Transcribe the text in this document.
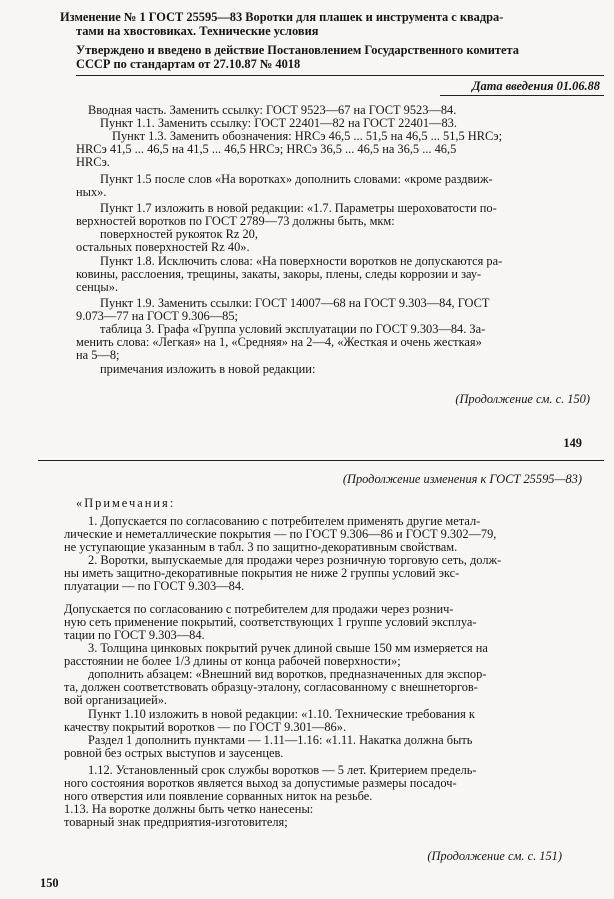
Изменение № 1 ГОСТ 25595—83 Воротки для плашек и инструмента с квадра-
тами на хвостовиках. Технические условия
Утверждено и введено в действие Постановлением Государственного комитета
СССР по стандартам от 27.10.87 № 4018
Дата введения 01.06.88
Вводная часть. Заменить ссылку: ГОСТ 9523—67 на ГОСТ 9523—84.
Пункт 1.1. Заменить ссылку: ГОСТ 22401—82 на ГОСТ 22401—83.
Пункт 1.3. Заменить обозначения: HRCэ 46,5 ... 51,5 на 46,5 ... 51,5 HRCэ;
HRCэ 41,5 ... 46,5 на 41,5 ... 46,5 HRCэ; HRCэ 36,5 ... 46,5 на 36,5 ... 46,5
HRCэ.
Пункт 1.5 после слов «На воротках» дополнить словами: «кроме раздвиж-
ных».
Пункт 1.7 изложить в новой редакции: «1.7. Параметры шероховатости по-
верхностей воротков по ГОСТ 2789—73 должны быть, мкм:
поверхностей рукояток Rz 20,
остальных поверхностей Rz 40».
Пункт 1.8. Исключить слова: «На поверхности воротков не допускаются ра-
ковины, расслоения, трещины, закаты, закоры, плены, следы коррозии и зау-
сенцы».
Пункт 1.9. Заменить ссылки: ГОСТ 14007—68 на ГОСТ 9.303—84, ГОСТ
9.073—77 на ГОСТ 9.306—85;
таблица 3. Графа «Группа условий эксплуатации по ГОСТ 9.303—84. За-
менить слова: «Легкая» на 1, «Средняя» на 2—4, «Жесткая и очень жесткая»
на 5—8;
примечания изложить в новой редакции:
(Продолжение см. с. 150)
149
(Продолжение изменения к ГОСТ 25595—83)
«Примечания:
1. Допускается по согласованию с потребителем применять другие метал-
лические и неметаллические покрытия — по ГОСТ 9.306—86 и ГОСТ 9.302—79,
не уступающие указанным в табл. 3 по защитно-декоративным свойствам.
2. Воротки, выпускаемые для продажи через розничную торговую сеть, долж-
ны иметь защитно-декоративные покрытия не ниже 2 группы условий экс-
плуатации — по ГОСТ 9.303—84.
Допускается по согласованию с потребителем для продажи через рознич-
ную сеть применение покрытий, соответствующих 1 группе условий эксплуа-
тации по ГОСТ 9.303—84.
3. Толщина цинковых покрытий ручек длиной свыше 150 мм измеряется на
расстоянии не более 1/3 длины от конца рабочей поверхности»;
дополнить абзацем: «Внешний вид воротков, предназначенных для экспор-
та, должен соответствовать образцу-эталону, согласованному с внешнеторгов-
вой организацией».
Пункт 1.10 изложить в новой редакции: «1.10. Технические требования к
качеству покрытий воротков — по ГОСТ 9.301—86».
Раздел 1 дополнить пунктами — 1.11—1.16: «1.11. Накатка должна быть
ровной без острых выступов и заусенцев.
1.12. Установленный срок службы воротков — 5 лет. Критерием предель-
ного состояния воротков является выход за допустимые размеры посадоч-
ного отверстия или появление сорванных ниток на резьбе.
1.13. На воротке должны быть четко нанесены:
товарный знак предприятия-изготовителя;
(Продолжение см. с. 151)
150
